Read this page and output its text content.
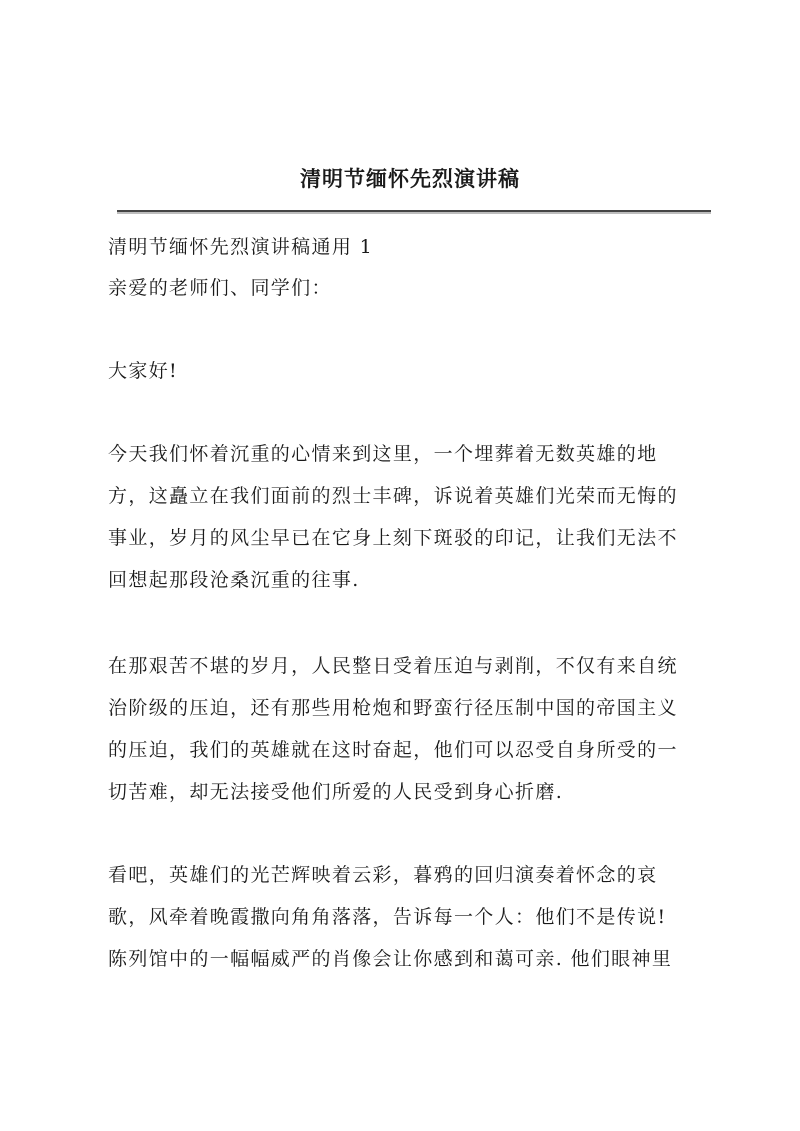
清明节缅怀先烈演讲稿
清明节缅怀先烈演讲稿通用 1
亲爱的老师们、同学们：
大家好!
今天我们怀着沉重的心情来到这里，一个埋葬着无数英雄的地
方，这矗立在我们面前的烈士丰碑，诉说着英雄们光荣而无悔的
事业，岁月的风尘早已在它身上刻下斑驳的印记，让我们无法不
回想起那段沧桑沉重的往事.
在那艰苦不堪的岁月，人民整日受着压迫与剥削，不仅有来自统
治阶级的压迫，还有那些用枪炮和野蛮行径压制中国的帝国主义
的压迫，我们的英雄就在这时奋起，他们可以忍受自身所受的一
切苦难，却无法接受他们所爱的人民受到身心折磨.
看吧，英雄们的光芒辉映着云彩，暮鸦的回归演奏着怀念的哀
歌，风牵着晚霞撒向角角落落，告诉每一个人：他们不是传说!
陈列馆中的一幅幅威严的肖像会让你感到和蔼可亲. 他们眼神里
